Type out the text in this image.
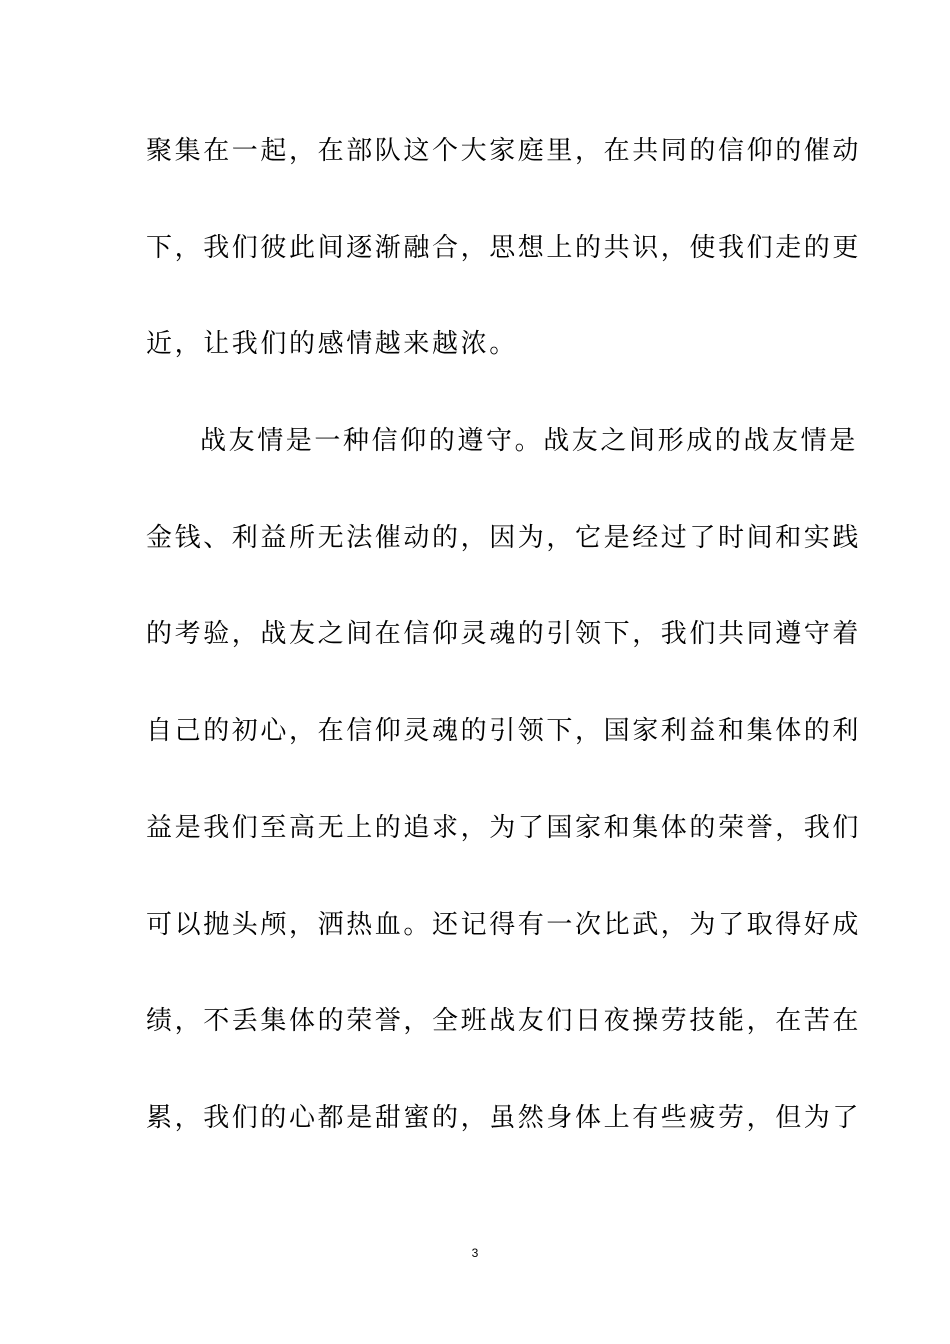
聚集在一起，在部队这个大家庭里，在共同的信仰的催动
下，我们彼此间逐渐融合，思想上的共识，使我们走的更
近，让我们的感情越来越浓。
战友情是一种信仰的遵守。战友之间形成的战友情是
金钱、利益所无法催动的，因为，它是经过了时间和实践
的考验，战友之间在信仰灵魂的引领下，我们共同遵守着
自己的初心，在信仰灵魂的引领下，国家利益和集体的利
益是我们至高无上的追求，为了国家和集体的荣誉，我们
可以抛头颅，洒热血。还记得有一次比武，为了取得好成
绩，不丢集体的荣誉，全班战友们日夜操劳技能，在苦在
累，我们的心都是甜蜜的，虽然身体上有些疲劳，但为了
3
